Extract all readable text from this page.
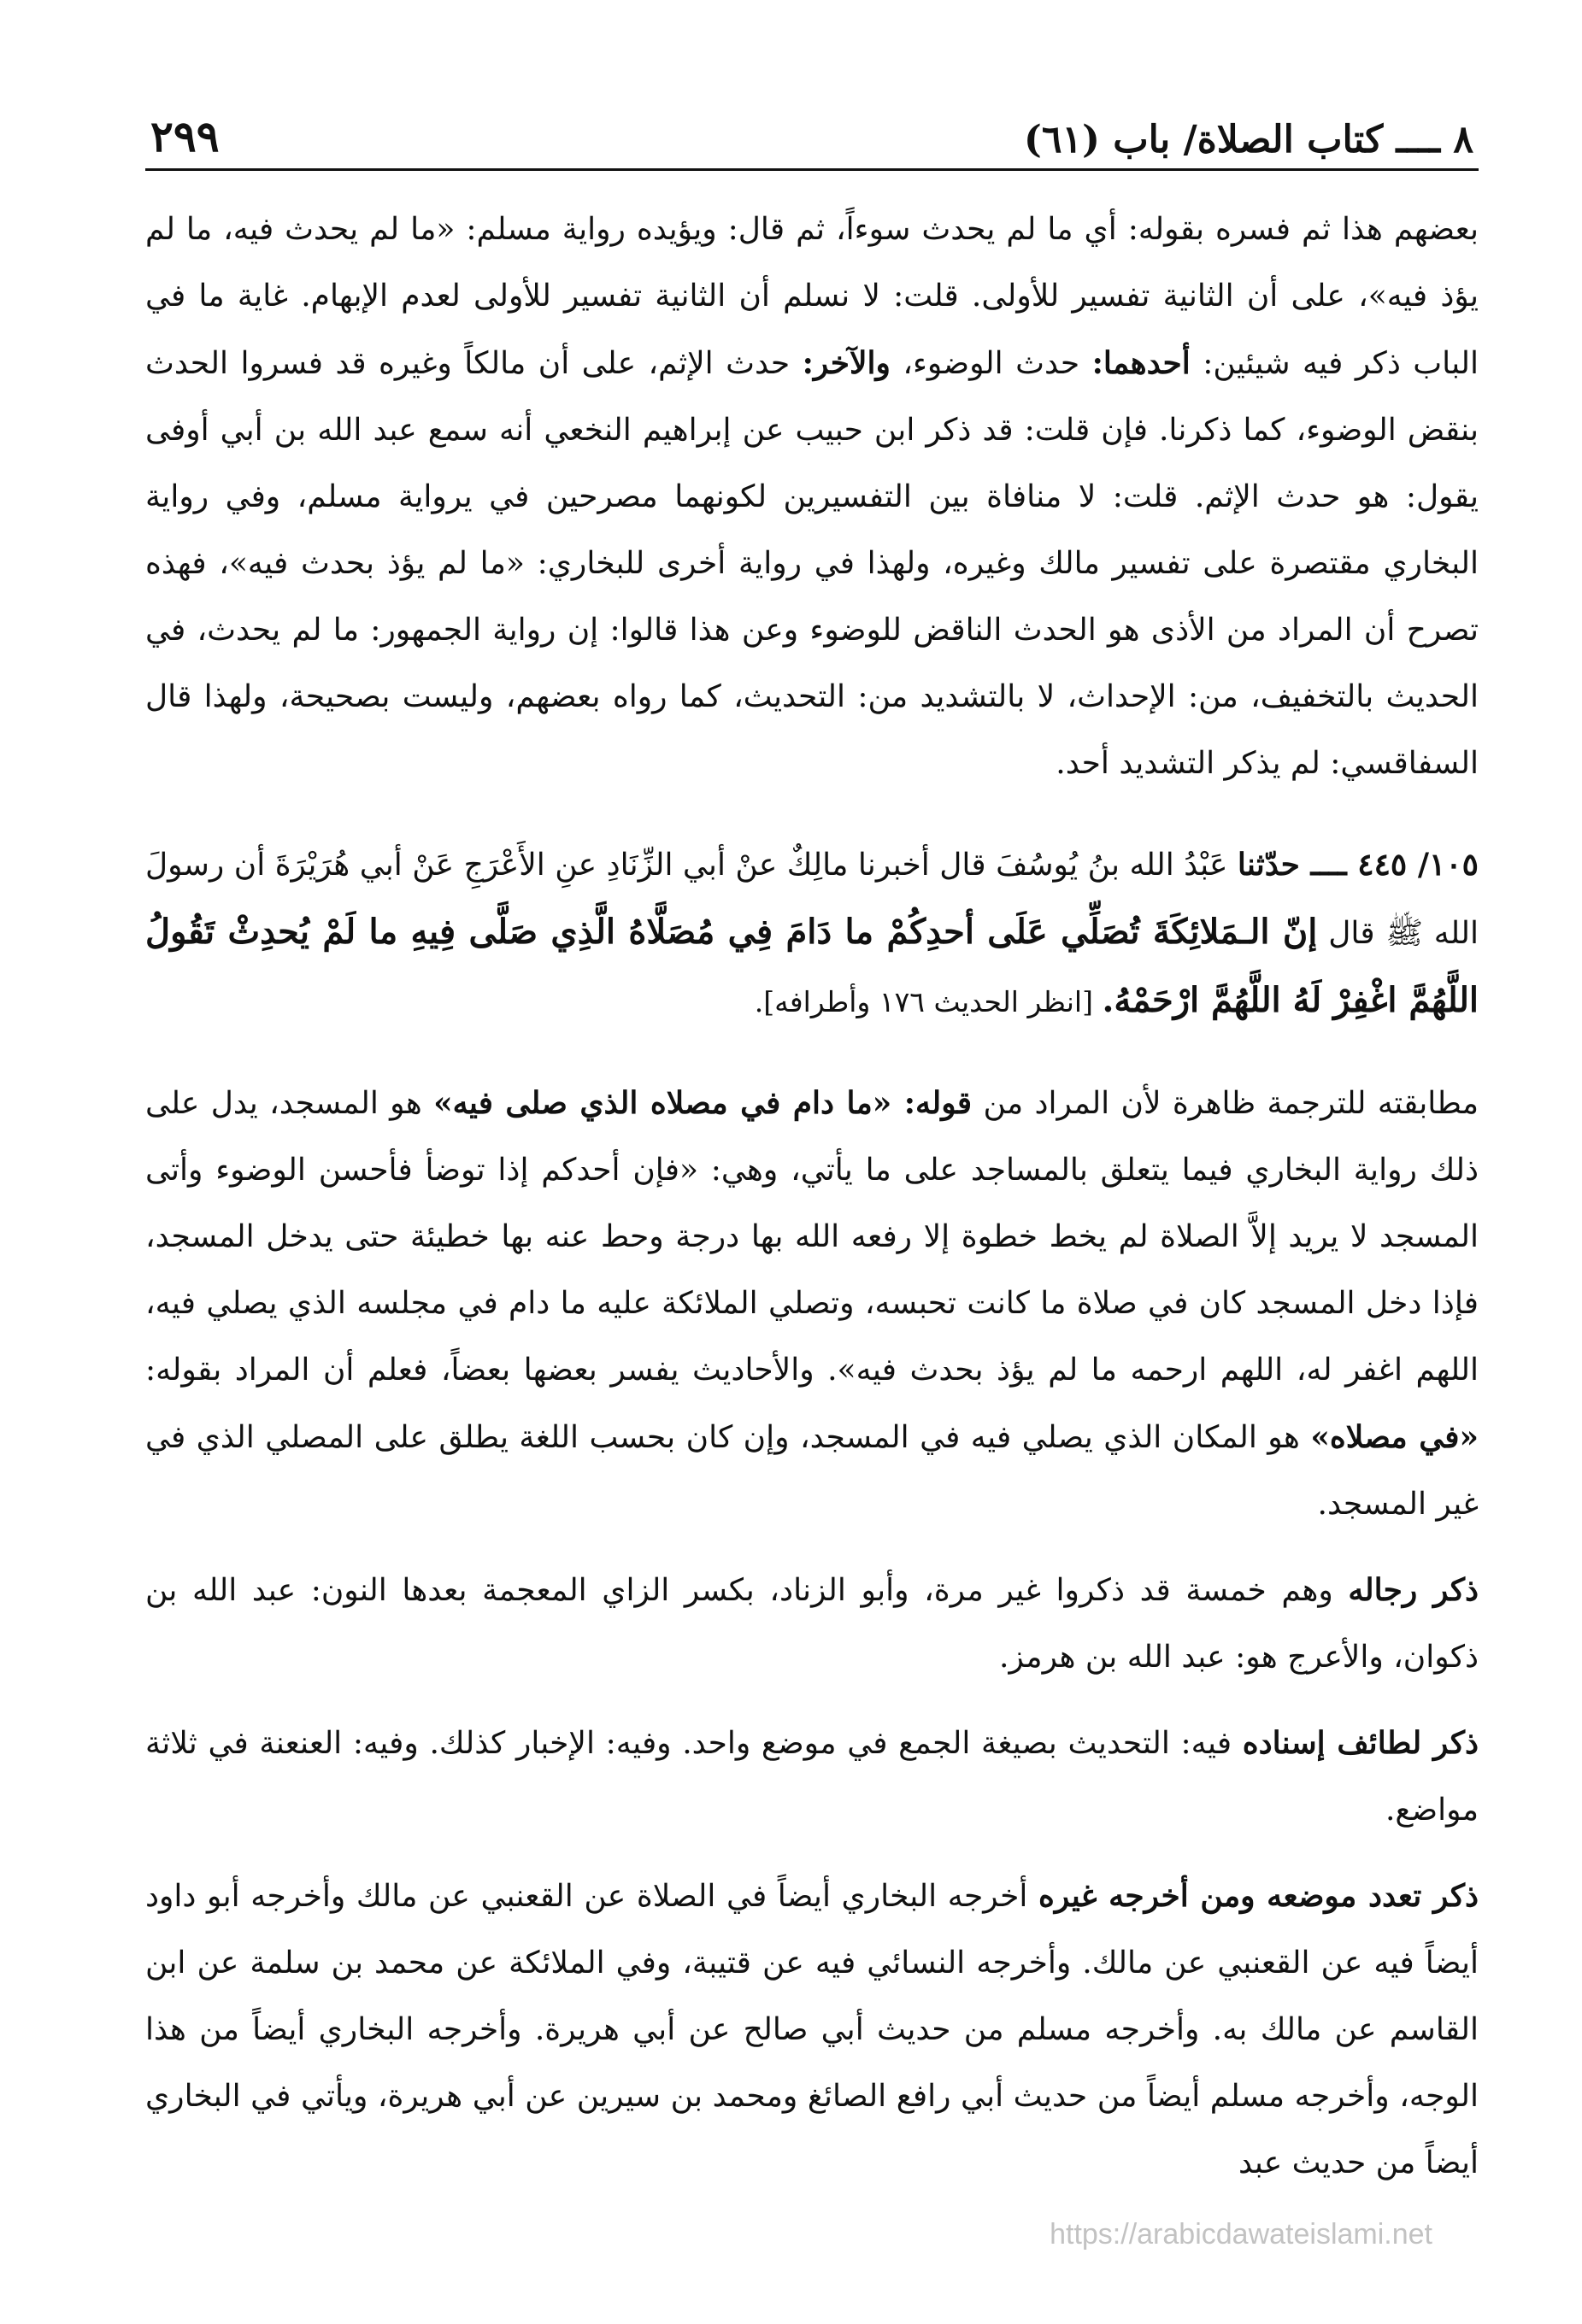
٨ ــــ كتاب الصلاة/ باب (٦١)
٢٩٩

بعضهم هذا ثم فسره بقوله: أي ما لم يحدث سوءاً، ثم قال: ويؤيده رواية مسلم: «ما لم يحدث فيه، ما لم يؤذ فيه»، على أن الثانية تفسير للأولى. قلت: لا نسلم أن الثانية تفسير للأولى لعدم الإبهام. غاية ما في الباب ذكر فيه شيئين: أحدهما: حدث الوضوء، والآخر: حدث الإثم، على أن مالكاً وغيره قد فسروا الحدث بنقض الوضوء، كما ذكرنا. فإن قلت: قد ذكر ابن حبيب عن إبراهيم النخعي أنه سمع عبد الله بن أبي أوفى يقول: هو حدث الإثم. قلت: لا منافاة بين التفسيرين لكونهما مصرحين في يرواية مسلم، وفي رواية البخاري مقتصرة على تفسير مالك وغيره، ولهذا في رواية أخرى للبخاري: «ما لم يؤذ بحدث فيه»، فهذه تصرح أن المراد من الأذى هو الحدث الناقض للوضوء وعن هذا قالوا: إن رواية الجمهور: ما لم يحدث، في الحديث بالتخفيف، من: الإحداث، لا بالتشديد من: التحديث، كما رواه بعضهم، وليست بصحيحة، ولهذا قال السفاقسي: لم يذكر التشديد أحد.

١٠٥/ ٤٤٥ ــــ حدّثنا عَبْدُ الله بنُ يُوسُفَ قال أخبرنا مالِكٌ عنْ أبي الزِّنَادِ عنِ الأَعْرَجِ عَنْ أبي هُرَيْرَةَ أن رسولَ الله ﷺ قال إنّ الـمَلائِكَةَ تُصَلِّي عَلَى أحدِكُمْ ما دَامَ فِي مُصَلَّاهُ الَّذِي صَلَّى فِيهِ ما لَمْ يُحدِثْ تَقُولُ اللَّهُمَّ اغْفِرْ لَهُ اللَّهُمَّ ارْحَمْهُ. [انظر الحديث ١٧٦ وأطرافه].

مطابقته للترجمة ظاهرة لأن المراد من قوله: «ما دام في مصلاه الذي صلى فيه» هو المسجد، يدل على ذلك رواية البخاري فيما يتعلق بالمساجد على ما يأتي، وهي: «فإن أحدكم إذا توضأ فأحسن الوضوء وأتى المسجد لا يريد إلاَّ الصلاة لم يخط خطوة إلا رفعه الله بها درجة وحط عنه بها خطيئة حتى يدخل المسجد، فإذا دخل المسجد كان في صلاة ما كانت تحبسه، وتصلي الملائكة عليه ما دام في مجلسه الذي يصلي فيه، اللهم اغفر له، اللهم ارحمه ما لم يؤذ بحدث فيه». والأحاديث يفسر بعضها بعضاً، فعلم أن المراد بقوله: «في مصلاه» هو المكان الذي يصلي فيه في المسجد، وإن كان بحسب اللغة يطلق على المصلي الذي في غير المسجد.

ذكر رجاله وهم خمسة قد ذكروا غير مرة، وأبو الزناد، بكسر الزاي المعجمة بعدها النون: عبد الله بن ذكوان، والأعرج هو: عبد الله بن هرمز.

ذكر لطائف إسناده فيه: التحديث بصيغة الجمع في موضع واحد. وفيه: الإخبار كذلك. وفيه: العنعنة في ثلاثة مواضع.

ذكر تعدد موضعه ومن أخرجه غيره أخرجه البخاري أيضاً في الصلاة عن القعنبي عن مالك وأخرجه أبو داود أيضاً فيه عن القعنبي عن مالك. وأخرجه النسائي فيه عن قتيبة، وفي الملائكة عن محمد بن سلمة عن ابن القاسم عن مالك به. وأخرجه مسلم من حديث أبي صالح عن أبي هريرة. وأخرجه البخاري أيضاً من هذا الوجه، وأخرجه مسلم أيضاً من حديث أبي رافع الصائغ ومحمد بن سيرين عن أبي هريرة، ويأتي في البخاري أيضاً من حديث عبد

https://arabicdawateislami.net
